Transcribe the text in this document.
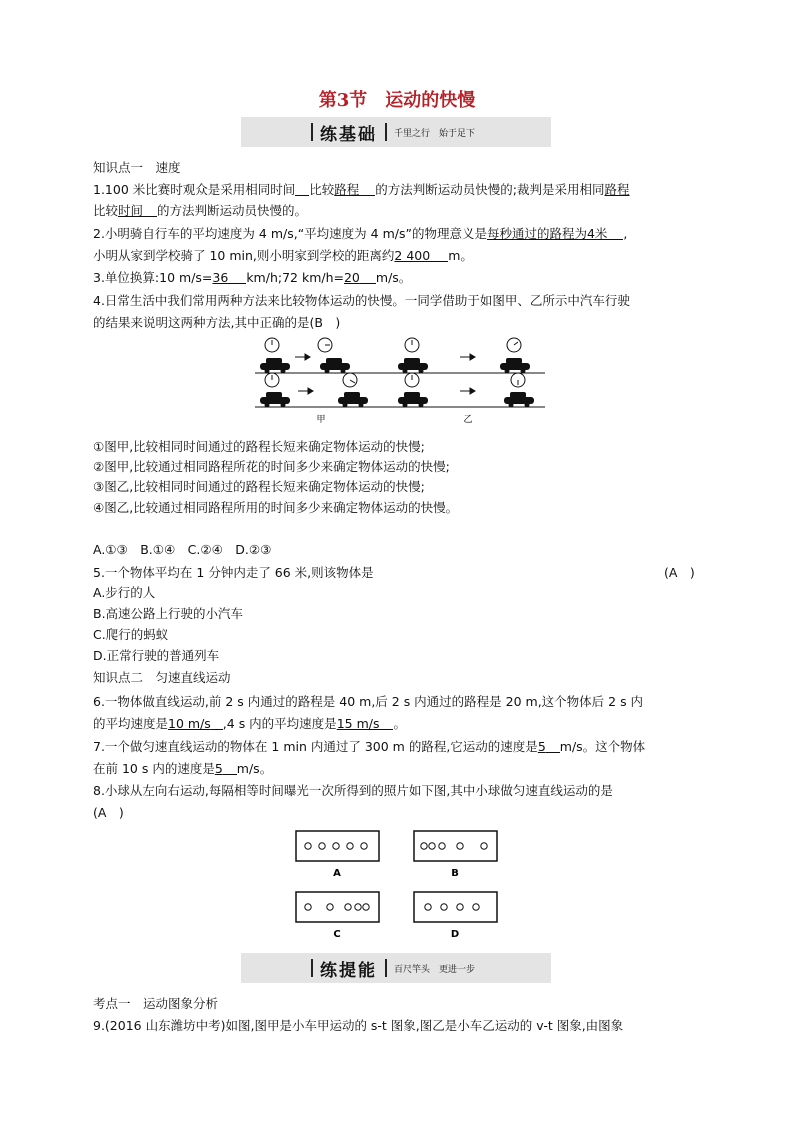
第3节　运动的快慢
练基础 千里之行　始于足下
知识点一　速度
1.100 米比赛时观众是采用相同时间 比较路程 的方法判断运动员快慢的;裁判是采用相同路程
比较时间 的方法判断运动员快慢的。
2.小明骑自行车的平均速度为 4 m/s,“平均速度为 4 m/s”的物理意义是每秒通过的路程为4米 ,
小明从家到学校骑了 10 min,则小明家到学校的距离约2 400 m。
3.单位换算:10 m/s=36 km/h;72 km/h=20 m/s。
4.日常生活中我们常用两种方法来比较物体运动的快慢。一同学借助于如图甲、乙所示中汽车行驶
的结果来说明这两种方法,其中正确的是(B　)
甲	乙
①图甲,比较相同时间通过的路程长短来确定物体运动的快慢;
②图甲,比较通过相同路程所花的时间多少来确定物体运动的快慢;
③图乙,比较相同时间通过的路程长短来确定物体运动的快慢;
④图乙,比较通过相同路程所用的时间多少来确定物体运动的快慢。
A.①③　B.①④　C.②④　D.②③
5.一个物体平均在 1 分钟内走了 66 米,则该物体是	(A　)
A.步行的人
B.高速公路上行驶的小汽车
C.爬行的蚂蚁
D.正常行驶的普通列车
知识点二　匀速直线运动
6.一物体做直线运动,前 2 s 内通过的路程是 40 m,后 2 s 内通过的路程是 20 m,这个物体后 2 s 内
的平均速度是10 m/s ,4 s 内的平均速度是15 m/s 。
7.一个做匀速直线运动的物体在 1 min 内通过了 300 m 的路程,它运动的速度是5 m/s。这个物体
在前 10 s 内的速度是5 m/s。
8.小球从左向右运动,每隔相等时间曝光一次所得到的照片如下图,其中小球做匀速直线运动的是
(A　)
A	B
C	D
练提能 百尺竿头　更进一步
考点一　运动图象分析
9.(2016 山东潍坊中考)如图,图甲是小车甲运动的 s-t 图象,图乙是小车乙运动的 v-t 图象,由图象
